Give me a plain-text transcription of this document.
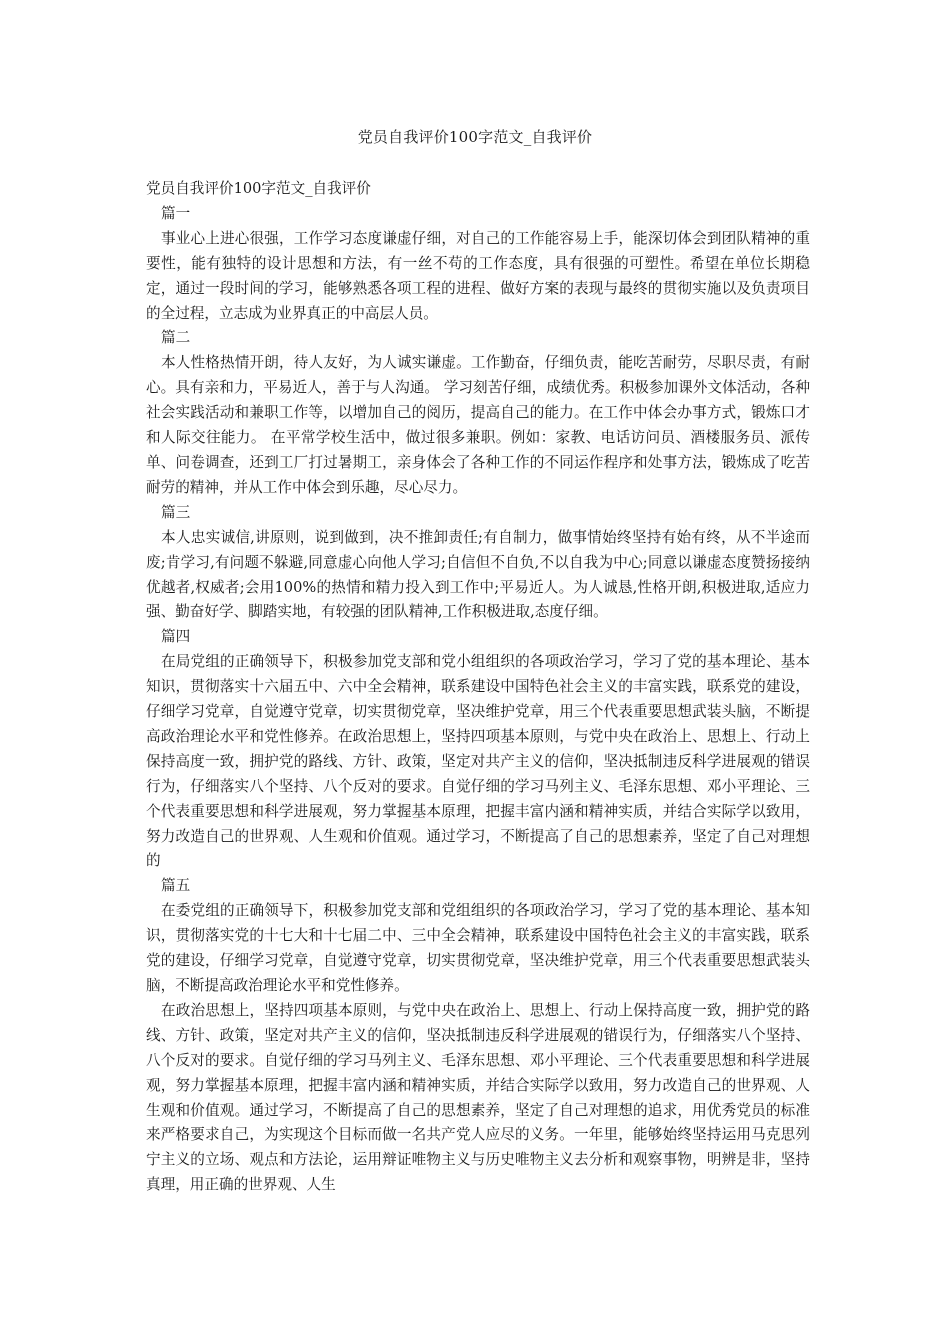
党员自我评价100字范文_自我评价

党员自我评价100字范文_自我评价

篇一

事业心上进心很强，工作学习态度谦虚仔细，对自己的工作能容易上手，能深切体会到团队精神的重要性，能有独特的设计思想和方法，有一丝不苟的工作态度，具有很强的可塑性。希望在单位长期稳定，通过一段时间的学习，能够熟悉各项工程的进程、做好方案的表现与最终的贯彻实施以及负责项目的全过程，立志成为业界真正的中高层人员。

篇二

本人性格热情开朗，待人友好，为人诚实谦虚。工作勤奋，仔细负责，能吃苦耐劳，尽职尽责，有耐心。具有亲和力，平易近人，善于与人沟通。 学习刻苦仔细，成绩优秀。积极参加课外文体活动，各种社会实践活动和兼职工作等，以增加自己的阅历，提高自己的能力。在工作中体会办事方式，锻炼口才和人际交往能力。 在平常学校生活中，做过很多兼职。例如：家教、电话访问员、酒楼服务员、派传单、问卷调查，还到工厂打过暑期工，亲身体会了各种工作的不同运作程序和处事方法，锻炼成了吃苦耐劳的精神，并从工作中体会到乐趣，尽心尽力。

篇三

本人忠实诚信,讲原则，说到做到，决不推卸责任;有自制力，做事情始终坚持有始有终，从不半途而废;肯学习,有问题不躲避,同意虚心向他人学习;自信但不自负,不以自我为中心;同意以谦虚态度赞扬接纳优越者,权威者;会用100%的热情和精力投入到工作中;平易近人。为人诚恳,性格开朗,积极进取,适应力强、勤奋好学、脚踏实地，有较强的团队精神,工作积极进取,态度仔细。

篇四

在局党组的正确领导下，积极参加党支部和党小组组织的各项政治学习，学习了党的基本理论、基本知识，贯彻落实十六届五中、六中全会精神，联系建设中国特色社会主义的丰富实践，联系党的建设，仔细学习党章，自觉遵守党章，切实贯彻党章，坚决维护党章，用三个代表重要思想武装头脑，不断提高政治理论水平和党性修养。在政治思想上，坚持四项基本原则，与党中央在政治上、思想上、行动上保持高度一致，拥护党的路线、方针、政策，坚定对共产主义的信仰，坚决抵制违反科学进展观的错误行为，仔细落实八个坚持、八个反对的要求。自觉仔细的学习马列主义、毛泽东思想、邓小平理论、三个代表重要思想和科学进展观，努力掌握基本原理，把握丰富内涵和精神实质，并结合实际学以致用，努力改造自己的世界观、人生观和价值观。通过学习，不断提高了自己的思想素养，坚定了自己对理想的

篇五

在委党组的正确领导下，积极参加党支部和党组组织的各项政治学习，学习了党的基本理论、基本知识，贯彻落实党的十七大和十七届二中、三中全会精神，联系建设中国特色社会主义的丰富实践，联系党的建设，仔细学习党章，自觉遵守党章，切实贯彻党章，坚决维护党章，用三个代表重要思想武装头脑，不断提高政治理论水平和党性修养。

在政治思想上，坚持四项基本原则，与党中央在政治上、思想上、行动上保持高度一致，拥护党的路线、方针、政策，坚定对共产主义的信仰，坚决抵制违反科学进展观的错误行为，仔细落实八个坚持、八个反对的要求。自觉仔细的学习马列主义、毛泽东思想、邓小平理论、三个代表重要思想和科学进展观，努力掌握基本原理，把握丰富内涵和精神实质，并结合实际学以致用，努力改造自己的世界观、人生观和价值观。通过学习，不断提高了自己的思想素养，坚定了自己对理想的追求，用优秀党员的标准来严格要求自己，为实现这个目标而做一名共产党人应尽的义务。一年里，能够始终坚持运用马克思列宁主义的立场、观点和方法论，运用辩证唯物主义与历史唯物主义去分析和观察事物，明辨是非，坚持真理，用正确的世界观、人生
